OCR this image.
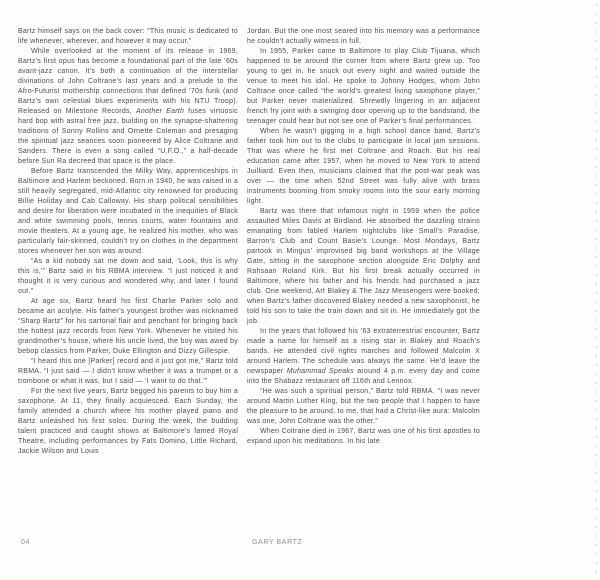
Bartz himself says on the back cover: “This music is dedicated to life whenever, wherever, and however it may occur.”

While overlooked at the moment of its release in 1969, Bartz’s first opus has become a foundational part of the late ’60s avant-jazz canon. It’s both a continuation of the interstellar divinations of John Coltrane’s last years and a prelude to the Afro-Futurist mothership connections that defined ’70s funk (and Bartz’s own celestial blues experiments with his NTU Troop). Released on Milestone Records, Another Earth fuses virtuosic hard bop with astral free jazz, building on the synapse-shattering traditions of Sonny Rollins and Ornette Coleman and presaging the spiritual jazz seances soon pioneered by Alice Coltrane and Sanders. There is even a song called “U.F.O.,” a half-decade before Sun Ra decreed that space is the place.

Before Bartz transcended the Milky Way, apprenticeships in Baltimore and Harlem beckoned. Born in 1940, he was raised in a still heavily segregated, mid-Atlantic city renowned for producing Billie Holiday and Cab Calloway. His sharp political sensibilities and desire for liberation were incubated in the inequities of Black and white swimming pools, tennis courts, water fountains and movie theaters. At a young age, he realized his mother, who was particularly fair-skinned, couldn’t try on clothes in the department stores whenever her son was around.

“As a kid nobody sat me down and said, ‘Look, this is why this is,’” Bartz said in his RBMA interview. “I just noticed it and thought it is very curious and wondered why, and later I found out.”

At age six, Bartz heard his first Charlie Parker solo and became an acolyte. His father’s youngest brother was nicknamed “Sharp Bartz” for his sartorial flair and penchant for bringing back the hottest jazz records from New York. Whenever he visited his grandmother’s house, where his uncle lived, the boy was awed by bebop classics from Parker, Duke Ellington and Dizzy Gillespie.

“I heard this one [Parker] record and it just got me,” Bartz told RBMA. “I just said — I didn’t know whether it was a trumpet or a trombone or what it was, but I said — ‘I want to do that.’”

For the next five years, Bartz begged his parents to buy him a saxophone. At 11, they finally acquiesced. Each Sunday, the family attended a church where his mother played piano and Bartz unleashed his first solos. During the week, the budding talent practiced and caught shows at Baltimore’s famed Royal Theatre, including performances by Fats Domino, Little Richard, Jackie Wilson and Louis

Jordan. But the one most seared into his memory was a performance he couldn’t actually witness in full.

In 1955, Parker came to Baltimore to play Club Tijuana, which happened to be around the corner from where Bartz grew up. Too young to get in, he snuck out every night and waited outside the venue to meet his idol. He spoke to Johnny Hodges, whom John Coltrane once called “the world’s greatest living saxophone player,” but Parker never materialized. Shrewdly lingering in an adjacent french fry joint with a swinging door opening up to the bandstand, the teenager could hear but not see one of Parker’s final performances.

When he wasn’t gigging in a high school dance band, Bartz’s father took him out to the clubs to participate in local jam sessions. That was where he first met Coltrane and Roach. But his real education came after 1957, when he moved to New York to attend Juilliard. Even then, musicians claimed that the post-war peak was over — the time when 52nd Street was fully alive with brass instruments booming from smoky rooms into the sour early morning light.

Bartz was there that infamous night in 1959 when the police assaulted Miles Davis at Birdland. He absorbed the dazzling strains emanating from fabled Harlem nightclubs like Small’s Paradise, Barron’s Club and Count Basie’s Lounge. Most Mondays, Bartz partook in Mingus’ improvised big band workshops at the Village Gate, sitting in the saxophone section alongside Eric Dolphy and Rahsaan Roland Kirk. But his first break actually occurred in Baltimore, where his father and his friends had purchased a jazz club. One weekend, Art Blakey & The Jazz Messengers were booked; when Bartz’s father discovered Blakey needed a new saxophonist, he told his son to take the train down and sit in. He immediately got the job.

In the years that followed his ’63 extraterrestrial encounter, Bartz made a name for himself as a rising star in Blakey and Roach’s bands. He attended civil rights marches and followed Malcolm X around Harlem. The schedule was always the same. He’d leave the newspaper Muhammad Speaks around 4 p.m. every day and come into the Shabazz restaurant off 116th and Lennox.

“He was such a spiritual person,” Bartz told RBMA. “I was never around Martin Luther King, but the two people that I happen to have the pleasure to be around, to me, that had a Christ-like aura: Malcolm was one, John Coltrane was the other.”

When Coltrane died in 1967, Bartz was one of his first apostles to expand upon his meditations. In his late

04	GARY BARTZ
